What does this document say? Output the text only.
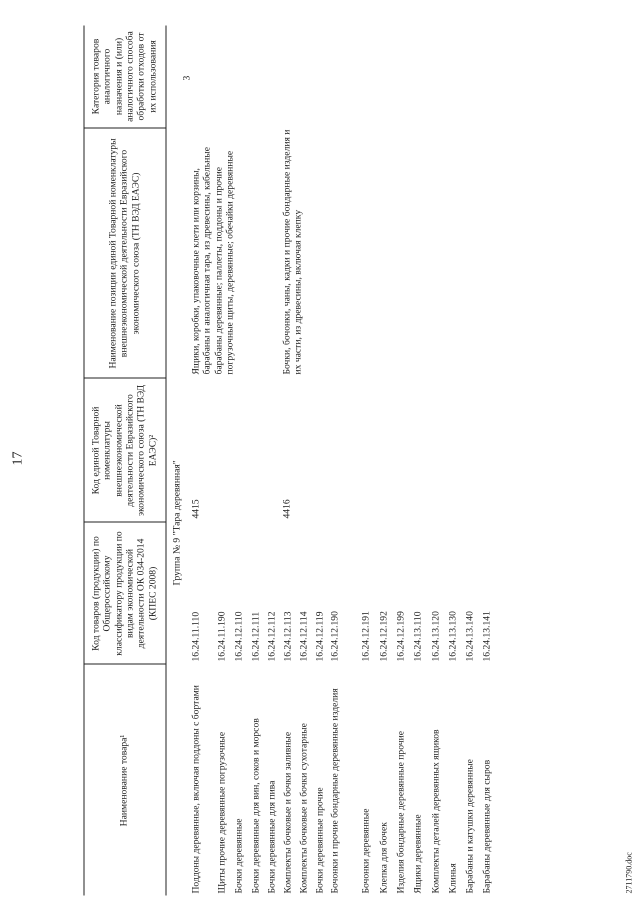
17
Наименование товара¹
Код товаров (продукции) по Общероссийскому классификатору продукции по видам экономической деятельности ОК 034-2014 (КПЕС 2008)
Код единой Товарной номенклатуры внешнеэкономической деятельности Евразийского экономического союза (ТН ВЭД ЕАЭС)²
Наименование позиции единой Товарной номенклатуры внешнеэкономической деятельности Евразийского экономического союза (ТН ВЭД ЕАЭС)
Категория товаров аналогичного назначения и (или) аналогичного способа обработки отходов от их использования
Группа № 9 "Тара деревянная"
3
4415
Ящики, коробки, упаковочные клети или корзины, барабаны и аналогичная тара, из древесины, кабельные барабаны деревянные; паллеты, поддоны и прочие погрузочные щиты, деревянные; обечайки деревянные
4416
Бочки, бочонки, чаны, кадки и прочие бондарные изделия и их части, из древесины, включая клепку
Поддоны деревянные, включая поддоны с бортами Щиты прочие деревянные погрузочные Бочки деревянные Бочки деревянные для вин, соков и морсов Бочки деревянные для пива Комплекты бочковые и бочки заливные Комплекты бочковые и бочки сухотарные Бочки деревянные прочие Бочонки и прочие бондарные деревянные изделия Бочонки деревянные Клепка для бочек Изделия бондарные деревянные прочие Ящики деревянные Комплекты деталей деревянных ящиков Клинья Барабаны и катушки деревянные Барабаны деревянные для сыров
16.24.11.110 16.24.11.190 16.24.12.110 16.24.12.111 16.24.12.112 16.24.12.113 16.24.12.114 16.24.12.119 16.24.12.190 16.24.12.191 16.24.12.192 16.24.12.199 16.24.13.110 16.24.13.120 16.24.13.130 16.24.13.140 16.24.13.141
2711790.doc
